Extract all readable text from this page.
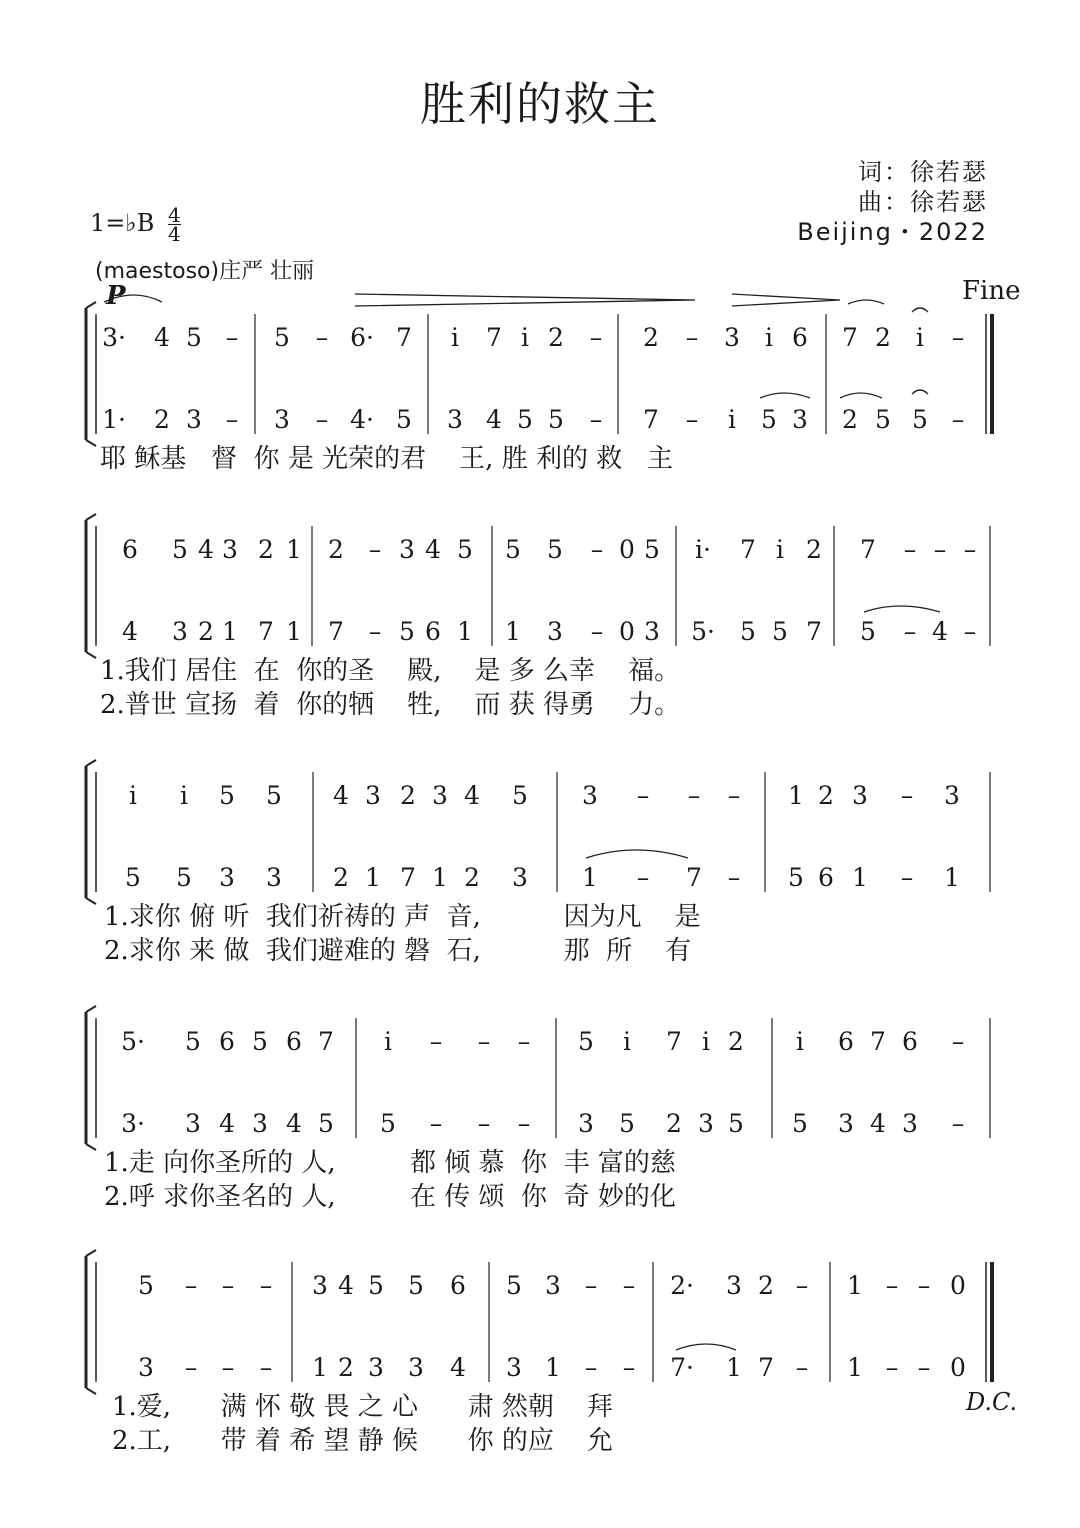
胜利的救主
词：徐若瑟
曲：徐若瑟
Beijing・2022
1=♭B $\frac{4}{4}$
(maestoso)庄严 壮丽
P	Fine
D.C.
3· 4 5 – 5 – 6· 7 i 7 i 2 – 2 – 3 i 6 7 2 i –
1· 2 3 – 3 – 4· 5 3 4 5 5 – 7 – i 5 3 2 5 5 –
耶 稣基   督  你 是 光荣的君    王, 胜 利的 救   主
6 5 4 3 2 1 2 – 3 4 5 5 5 – 0 5 i· 7 i 2 7 – – –
4 3 2 1 7 1 7 – 5 6 1 1 3 – 0 3 5· 5 5 7 5 – 4 –
1.我们 居住  在  你的圣    殿,    是 多 么幸    福。
2.普世 宣扬  着  你的牺    牲,    而 获 得勇    力。
i i 5 5 4 3 2 3 4 5 3 – – – 1 2 3 – 3
5 5 3 3 2 1 7 1 2 3 1 – 7 – 5 6 1 – 1
1.求你 俯 听  我们祈祷的 声  音,          因为凡    是
2.求你 来 做  我们避难的 磐  石,          那  所    有
5· 5 6 5 6 7 i – – – 5 i 7 i 2 i 6 7 6 –
3· 3 4 3 4 5 5 – – – 3 5 2 3 5 5 3 4 3 –
1.走 向你圣所的 人,         都 倾 慕  你  丰 富的慈
2.呼 求你圣名的 人,         在 传 颂  你  奇 妙的化
5 – – – 3 4 5 5 6 5 3 – – 2· 3 2 – 1 – – 0
3 – – – 1 2 3 3 4 3 1 – – 7· 1 7 – 1 – – 0
1.爱,      满 怀 敬 畏 之 心      肃 然朝    拜
2.工,      带 着 希 望 静 候      你 的应    允
